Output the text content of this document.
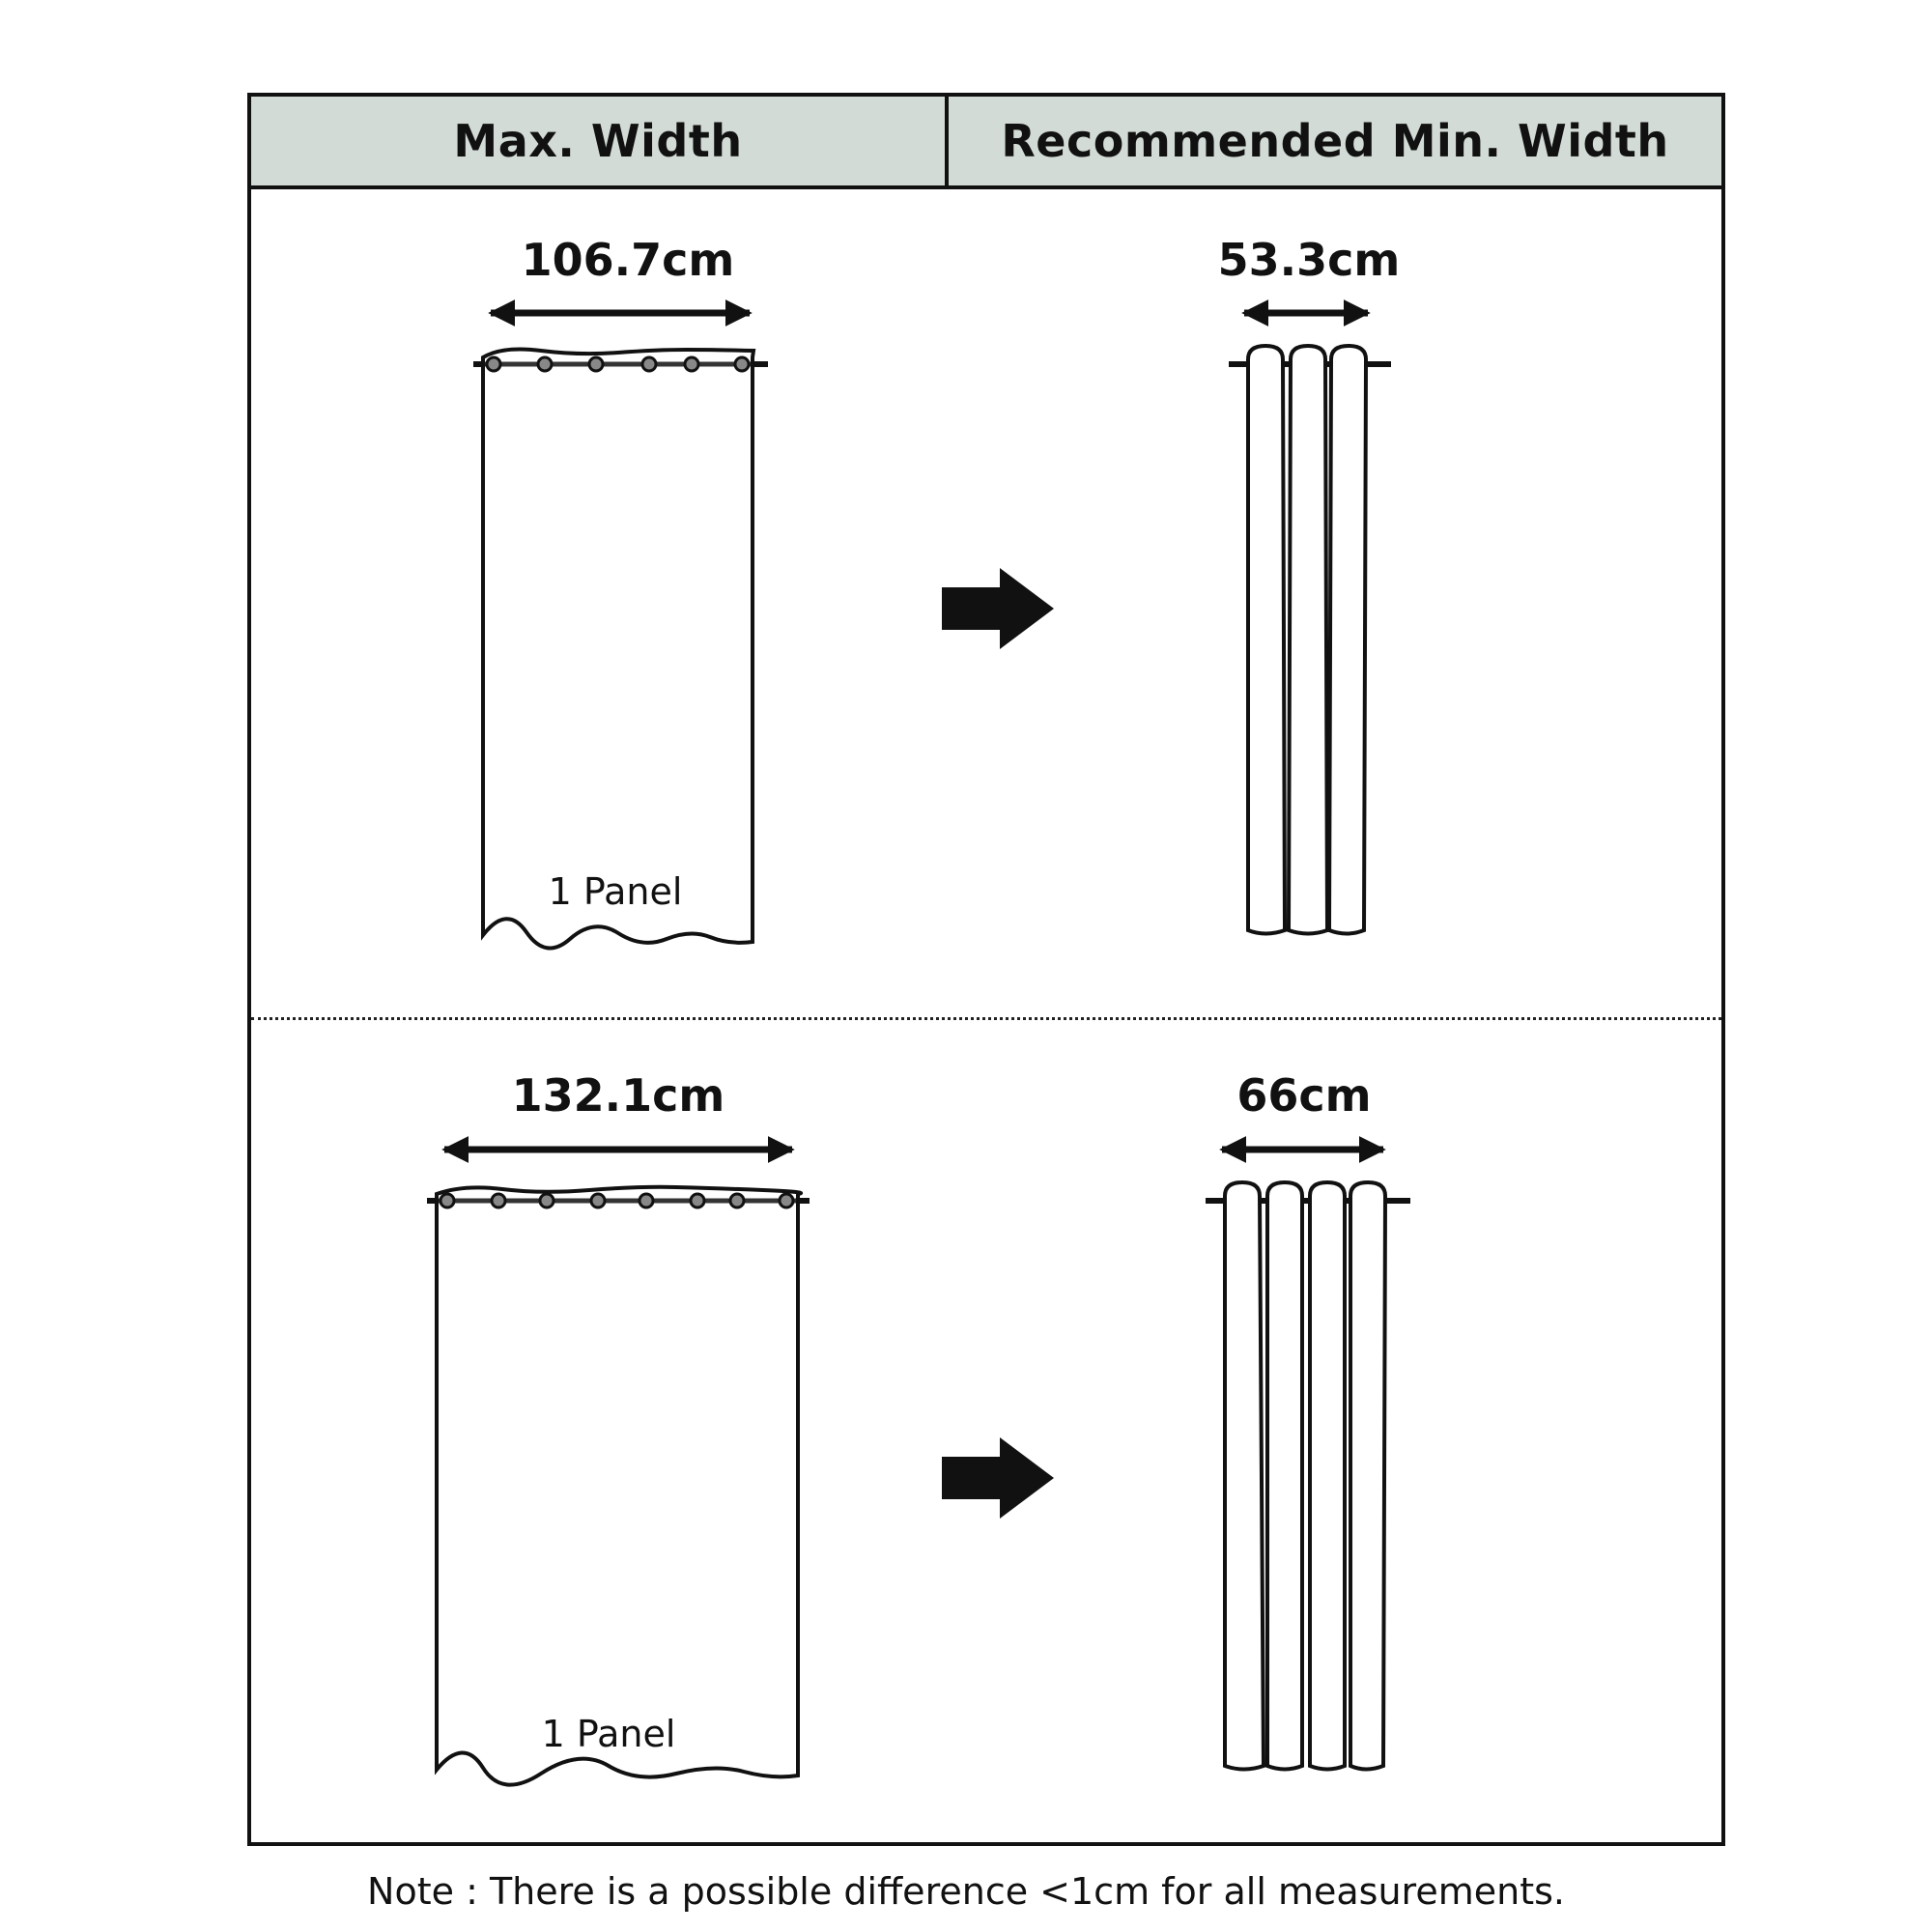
Max. Width	Recommended Min. Width
106.7cm
1 Panel
53.3cm
132.1cm
1 Panel
66cm
Note : There is a possible difference <1cm for all measurements.
